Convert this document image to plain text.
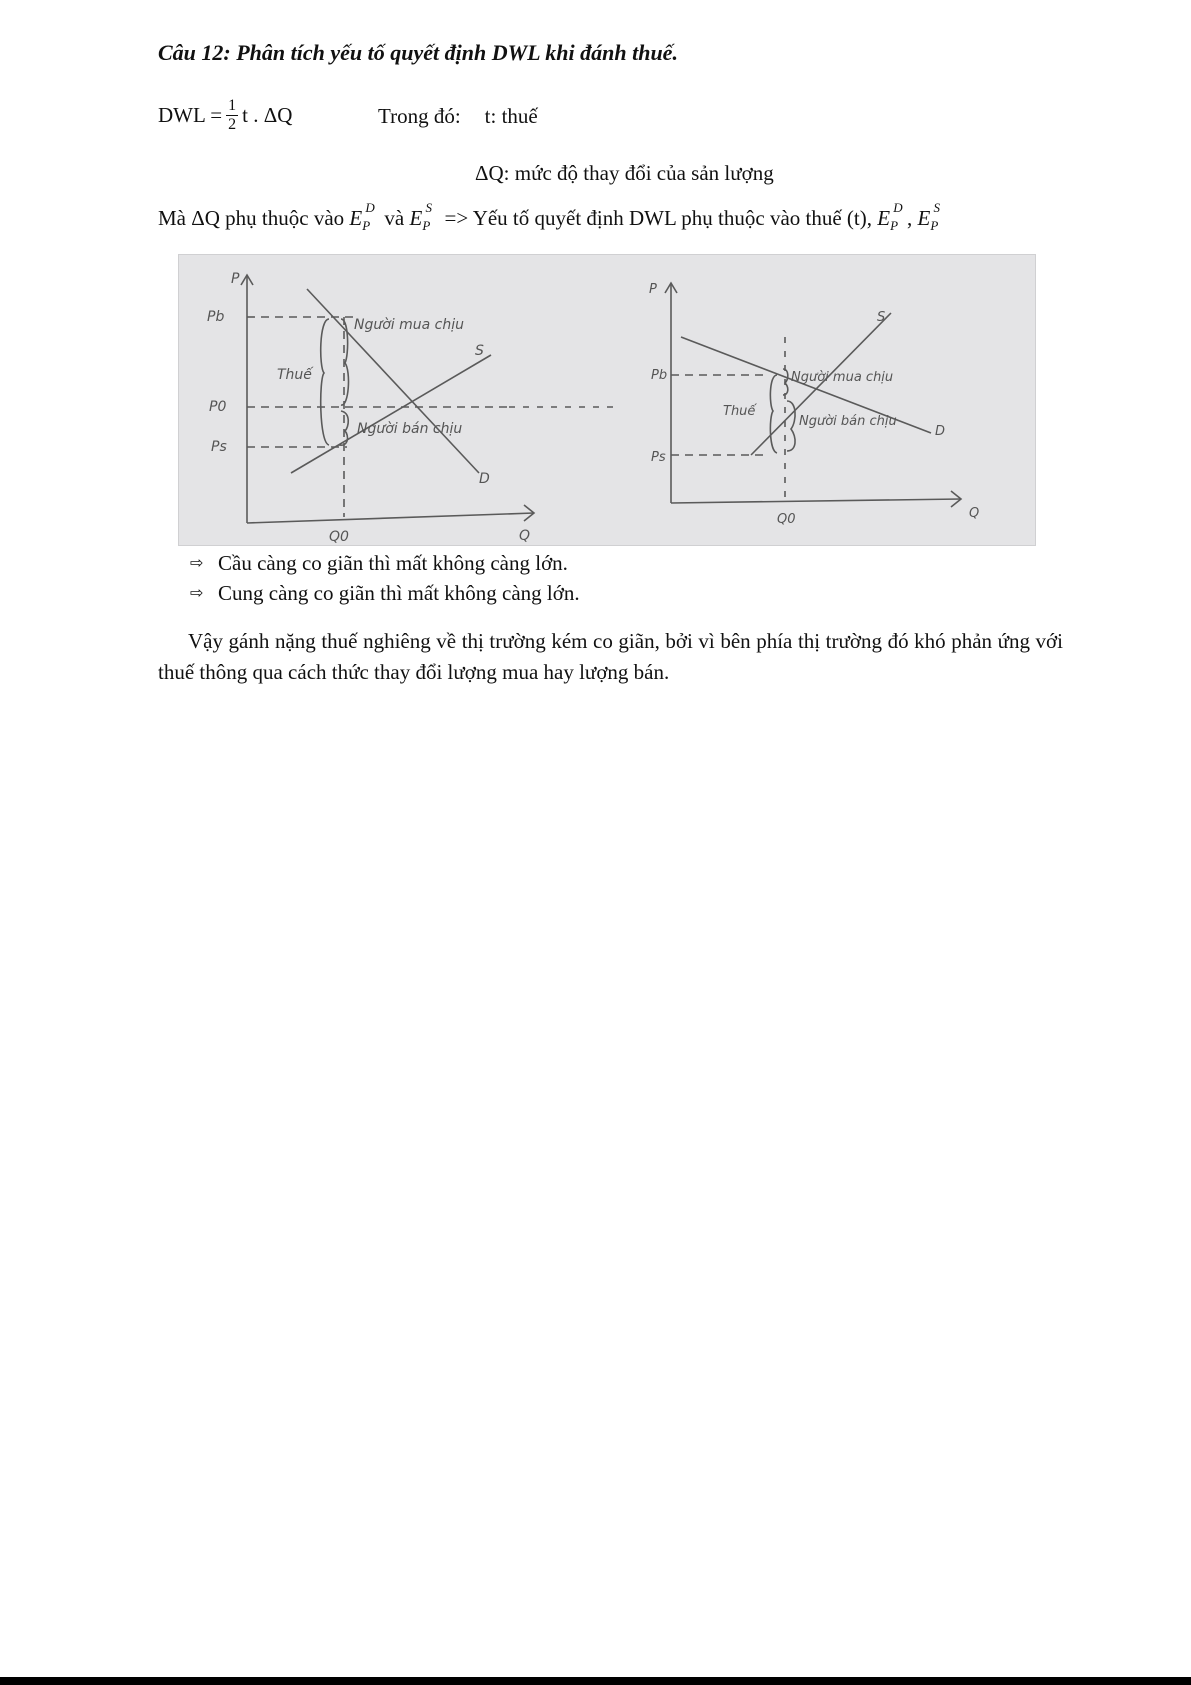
Câu 12: Phân tích yếu tố quyết định DWL khi đánh thuế.
DWL = $\frac{1}{2}$ t . ΔQ	Trong đó: t: thuế
ΔQ: mức độ thay đổi của sản lượng
Mà ΔQ phụ thuộc vào $E_P$
D và $E_P$
S => Yếu tố quyết định DWL phụ thuộc vào thuế (t), $E_P$
D , $E_P$
S
P
Q
Pb
P0
Ps
Q0
Người mua chịu
Người bán chịu
Thuế
S
D
P
Q
Pb
Ps
Q0
Người mua chịu
Người bán chịu
Thuế
S
D
⇨ Cầu càng co giãn thì mất không càng lớn.
⇨ Cung càng co giãn thì mất không càng lớn.
Vậy gánh nặng thuế nghiêng về thị trường kém co giãn, bởi vì bên phía thị trường đó khó phản ứng với thuế thông qua cách thức thay đổi lượng mua hay lượng bán.
